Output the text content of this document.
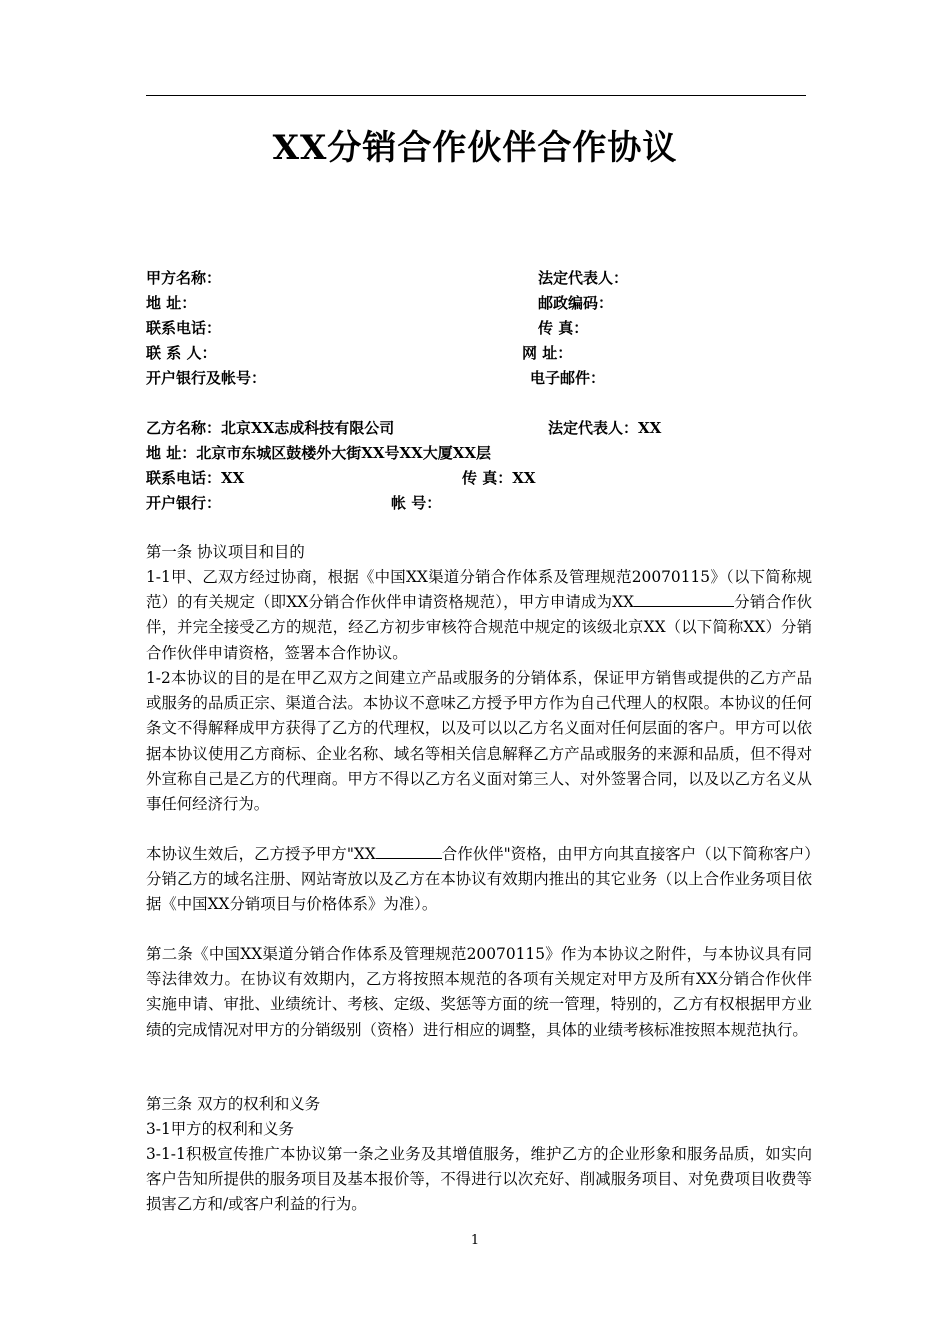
XX分销合作伙伴合作协议
甲方名称：	法定代表人：
地 址：	邮政编码：
联系电话：	传 真：
联 系 人：	网 址：
开户银行及帐号：	电子邮件：
乙方名称：北京XX志成科技有限公司	法定代表人：XX
地 址：北京市东城区鼓楼外大街XX号XX大厦XX层
联系电话：XX	传 真：XX
开户银行：	帐 号：
第一条 协议项目和目的
1-1甲、乙双方经过协商，根据《中国XX渠道分销合作体系及管理规范20070115》（以下简称规范）的有关规定（即XX分销合作伙伴申请资格规范），甲方申请成为XX	分销合作伙伴，并完全接受乙方的规范，经乙方初步审核符合规范中规定的该级北京XX（以下简称XX）分销合作伙伴申请资格，签署本合作协议。
1-2本协议的目的是在甲乙双方之间建立产品或服务的分销体系，保证甲方销售或提供的乙方产品或服务的品质正宗、渠道合法。本协议不意味乙方授予甲方作为自己代理人的权限。本协议的任何条文不得解释成甲方获得了乙方的代理权，以及可以以乙方名义面对任何层面的客户。甲方可以依据本协议使用乙方商标、企业名称、域名等相关信息解释乙方产品或服务的来源和品质，但不得对外宣称自己是乙方的代理商。甲方不得以乙方名义面对第三人、对外签署合同，以及以乙方名义从事任何经济行为。
本协议生效后，乙方授予甲方"XX	合作伙伴"资格，由甲方向其直接客户（以下简称客户）分销乙方的域名注册、网站寄放以及乙方在本协议有效期内推出的其它业务（以上合作业务项目依据《中国XX分销项目与价格体系》为准）。
第二条《中国XX渠道分销合作体系及管理规范20070115》作为本协议之附件，与本协议具有同等法律效力。在协议有效期内，乙方将按照本规范的各项有关规定对甲方及所有XX分销合作伙伴实施申请、审批、业绩统计、考核、定级、奖惩等方面的统一管理，特别的，乙方有权根据甲方业绩的完成情况对甲方的分销级别（资格）进行相应的调整，具体的业绩考核标准按照本规范执行。
第三条 双方的权利和义务
3-1甲方的权利和义务
3-1-1积极宣传推广本协议第一条之业务及其增值服务，维护乙方的企业形象和服务品质，如实向客户告知所提供的服务项目及基本报价等，不得进行以次充好、削减服务项目、对免费项目收费等损害乙方和/或客户利益的行为。
1
